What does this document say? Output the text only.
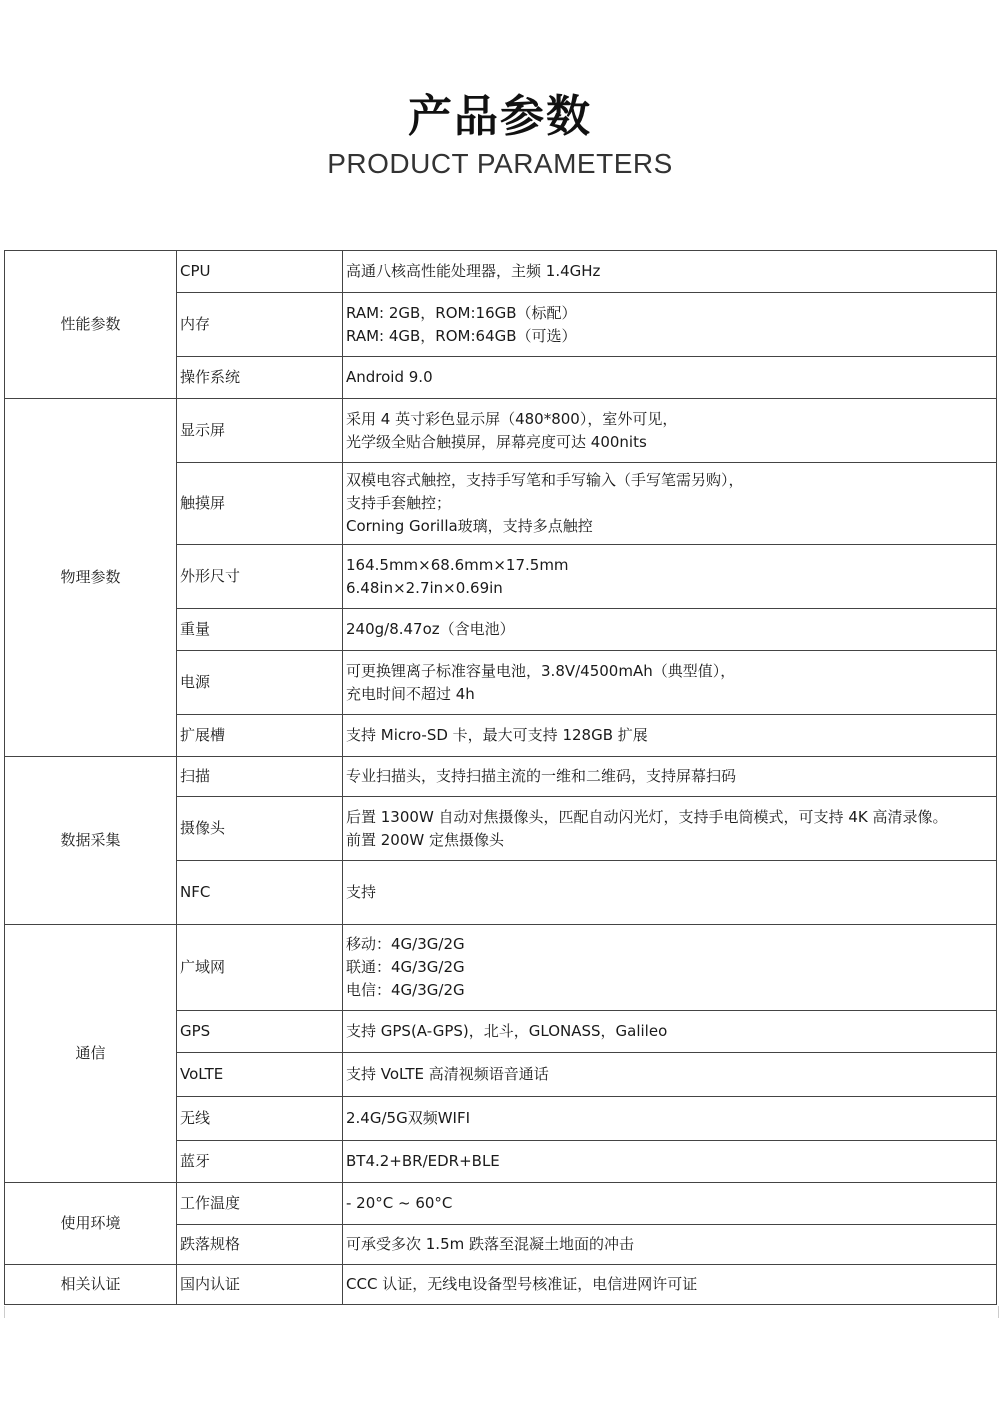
产品参数
PRODUCT PARAMETERS
性能参数	CPU	高通八核高性能处理器，主频 1.4GHz

	内存	RAM: 2GB，ROM:16GB（标配）
RAM: 4GB，ROM:64GB（可选）

	操作系统	Android 9.0

物理参数	显示屏	采用 4 英寸彩色显示屏（480*800），室外可见，
光学级全贴合触摸屏，屏幕亮度可达 400nits

	触摸屏	双模电容式触控，支持手写笔和手写输入（手写笔需另购），
支持手套触控；
Corning Gorilla玻璃，支持多点触控

	外形尺寸	164.5mm×68.6mm×17.5mm
6.48in×2.7in×0.69in

	重量	240g/8.47oz（含电池）

	电源	可更换锂离子标准容量电池，3.8V/4500mAh（典型值），
充电时间不超过 4h

	扩展槽	支持 Micro-SD 卡，最大可支持 128GB 扩展

数据采集	扫描	专业扫描头，支持扫描主流的一维和二维码，支持屏幕扫码

	摄像头	后置 1300W 自动对焦摄像头，匹配自动闪光灯，支持手电筒模式，可支持 4K 高清录像。
前置 200W 定焦摄像头

	NFC	支持

通信	广域网	移动：4G/3G/2G
联通：4G/3G/2G
电信：4G/3G/2G

	GPS	支持 GPS(A-GPS)，北斗，GLONASS，Galileo

	VoLTE	支持 VoLTE 高清视频语音通话

	无线	2.4G/5G双频WIFI

	蓝牙	BT4.2+BR/EDR+BLE

使用环境	工作温度	- 20°C ~ 60°C

	跌落规格	可承受多次 1.5m 跌落至混凝土地面的冲击

相关认证	国内认证	CCC 认证，无线电设备型号核准证，电信进网许可证
